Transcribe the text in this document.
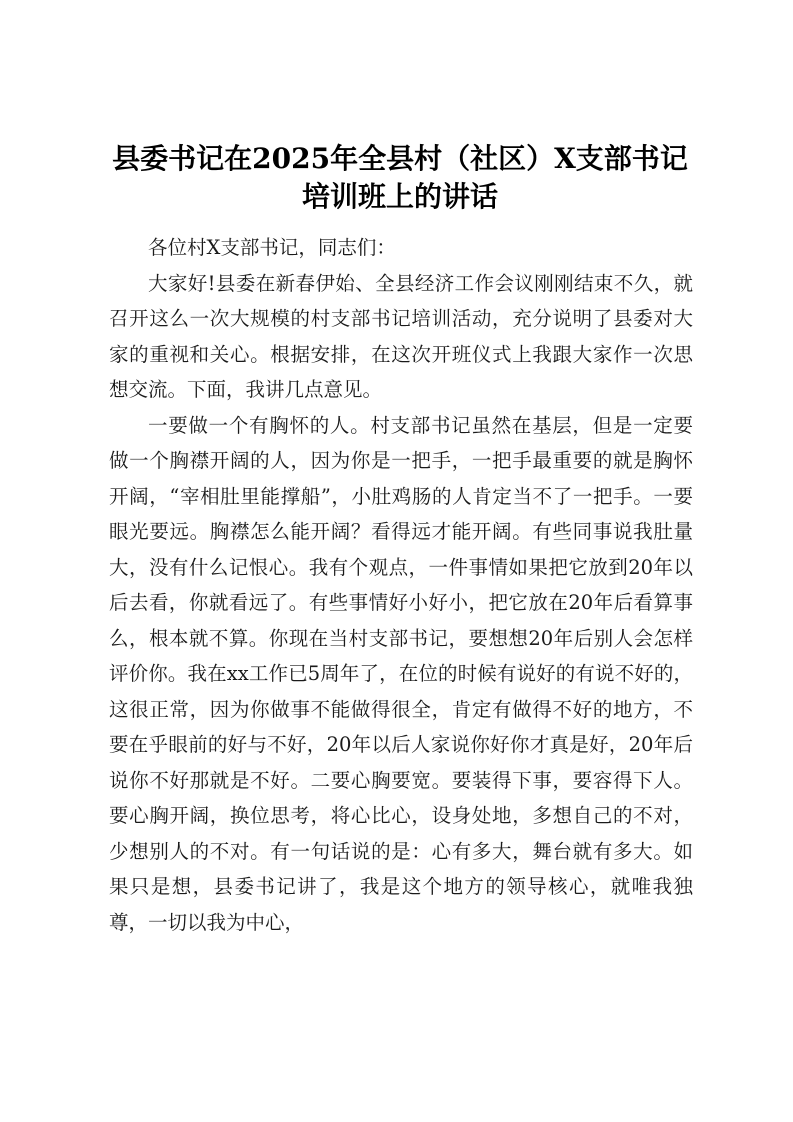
县委书记在2025年全县村（社区）X支部书记
培训班上的讲话

各位村X支部书记，同志们：

大家好!县委在新春伊始、全县经济工作会议刚刚结束不久，就召开这么一次大规模的村支部书记培训活动，充分说明了县委对大家的重视和关心。根据安排，在这次开班仪式上我跟大家作一次思想交流。下面，我讲几点意见。

一要做一个有胸怀的人。村支部书记虽然在基层，但是一定要做一个胸襟开阔的人，因为你是一把手，一把手最重要的就是胸怀开阔，“宰相肚里能撑船”，小肚鸡肠的人肯定当不了一把手。一要眼光要远。胸襟怎么能开阔？看得远才能开阔。有些同事说我肚量大，没有什么记恨心。我有个观点，一件事情如果把它放到20年以后去看，你就看远了。有些事情好小好小，把它放在20年后看算事么，根本就不算。你现在当村支部书记，要想想20年后别人会怎样评价你。我在xx工作已5周年了，在位的时候有说好的有说不好的，这很正常，因为你做事不能做得很全，肯定有做得不好的地方，不要在乎眼前的好与不好，20年以后人家说你好你才真是好，20年后说你不好那就是不好。二要心胸要宽。要装得下事，要容得下人。要心胸开阔，换位思考，将心比心，设身处地，多想自己的不对，少想别人的不对。有一句话说的是：心有多大，舞台就有多大。如果只是想，县委书记讲了，我是这个地方的领导核心，就唯我独尊，一切以我为中心，
